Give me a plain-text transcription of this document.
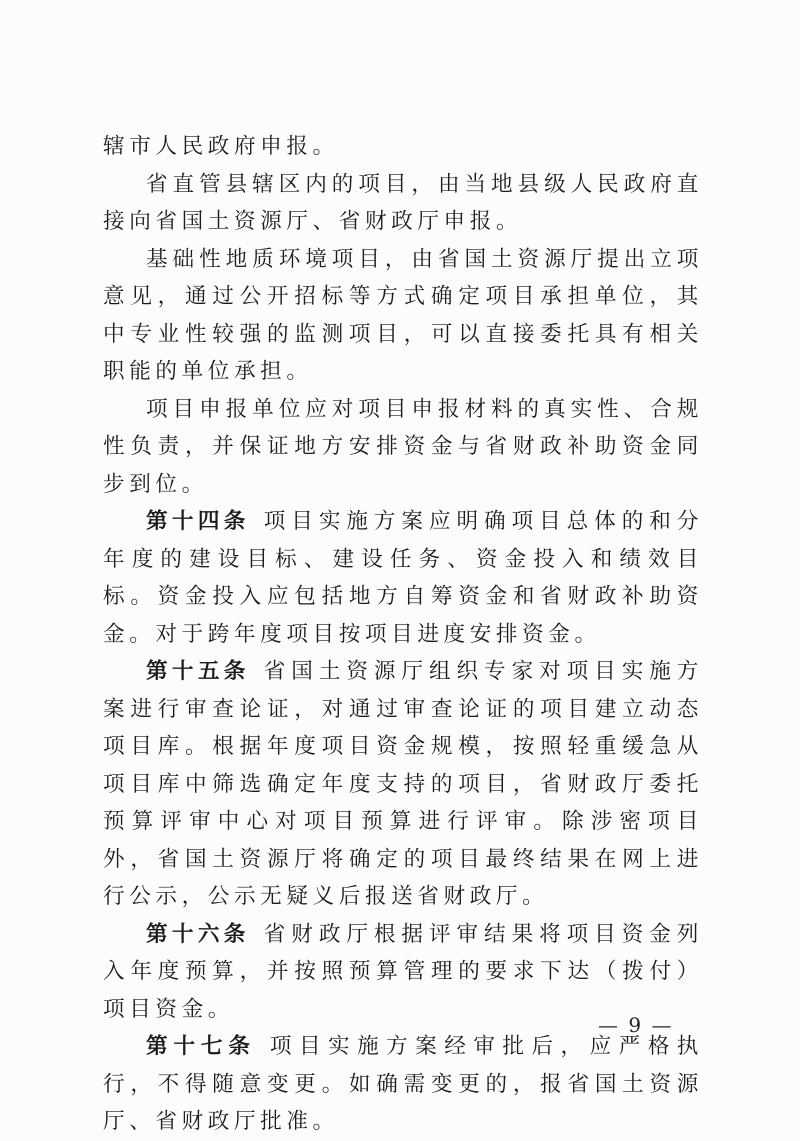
辖市人民政府申报。

省直管县辖区内的项目，由当地县级人民政府直接向省国土资源厅、省财政厅申报。

基础性地质环境项目，由省国土资源厅提出立项意见，通过公开招标等方式确定项目承担单位，其中专业性较强的监测项目，可以直接委托具有相关职能的单位承担。

项目申报单位应对项目申报材料的真实性、合规性负责，并保证地方安排资金与省财政补助资金同步到位。

第十四条 项目实施方案应明确项目总体的和分年度的建设目标、建设任务、资金投入和绩效目标。资金投入应包括地方自筹资金和省财政补助资金。对于跨年度项目按项目进度安排资金。

第十五条 省国土资源厅组织专家对项目实施方案进行审查论证，对通过审查论证的项目建立动态项目库。根据年度项目资金规模，按照轻重缓急从项目库中筛选确定年度支持的项目，省财政厅委托预算评审中心对项目预算进行评审。除涉密项目外，省国土资源厅将确定的项目最终结果在网上进行公示，公示无疑义后报送省财政厅。

第十六条 省财政厅根据评审结果将项目资金列入年度预算，并按照预算管理的要求下达（拨付）项目资金。

第十七条 项目实施方案经审批后，应严格执行，不得随意变更。如确需变更的，报省国土资源厅、省财政厅批准。

— 9 —
